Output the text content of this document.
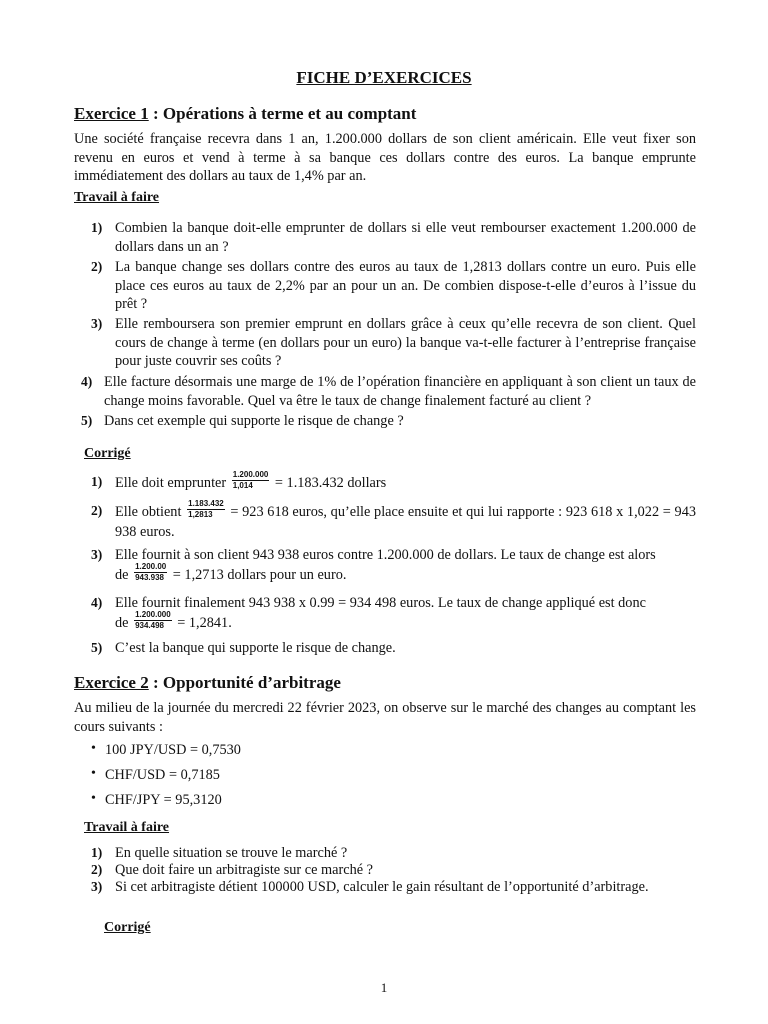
FICHE D’EXERCICES
Exercice 1 : Opérations à terme et au comptant
Une société française recevra dans 1 an, 1.200.000 dollars de son client américain. Elle veut fixer son revenu en euros et vend à terme à sa banque ces dollars contre des euros. La banque emprunte immédiatement des dollars au taux de 1,4% par an.
Travail à faire
1) Combien la banque doit-elle emprunter de dollars si elle veut rembourser exactement 1.200.000 de dollars dans un an ?
2) La banque change ses dollars contre des euros au taux de 1,2813 dollars contre un euro. Puis elle place ces euros au taux de 2,2% par an pour un an. De combien dispose-t-elle d’euros à l’issue du prêt ?
3) Elle remboursera son premier emprunt en dollars grâce à ceux qu’elle recevra de son client. Quel cours de change à terme (en dollars pour un euro) la banque va-t-elle facturer à l’entreprise française pour juste couvrir ses coûts ?
4) Elle facture désormais une marge de 1% de l’opération financière en appliquant à son client un taux de change moins favorable. Quel va être le taux de change finalement facturé au client ?
5) Dans cet exemple qui supporte le risque de change ?
Corrigé
1) Elle doit emprunter $\frac{1.200.000}{1,014} = 1.183.432$ dollars
2) Elle obtient $\frac{1.183.432}{1,2813} = 923$ 618 euros, qu’elle place ensuite et qui lui rapporte : 923 618 x 1,022 = 943 938 euros.
3) Elle fournit à son client 943 938 euros contre 1.200.000 de dollars. Le taux de change est alors
de $\frac{1.200.00}{943.938} = 1,2713$ dollars pour un euro.
4) Elle fournit finalement 943 938 x 0.99 = 934 498 euros. Le taux de change appliqué est donc
de $\frac{1.200.000}{934.498} = 1,2841$.
5) C’est la banque qui supporte le risque de change.
Exercice 2 : Opportunité d’arbitrage
Au milieu de la journée du mercredi 22 février 2023, on observe sur le marché des changes au comptant les cours suivants :
• 100 JPY/USD = 0,7530
• CHF/USD = 0,7185
• CHF/JPY = 95,3120
Travail à faire
1) En quelle situation se trouve le marché ?
2) Que doit faire un arbitragiste sur ce marché ?
3) Si cet arbitragiste détient 100000 USD, calculer le gain résultant de l’opportunité d’arbitrage.
Corrigé
1
